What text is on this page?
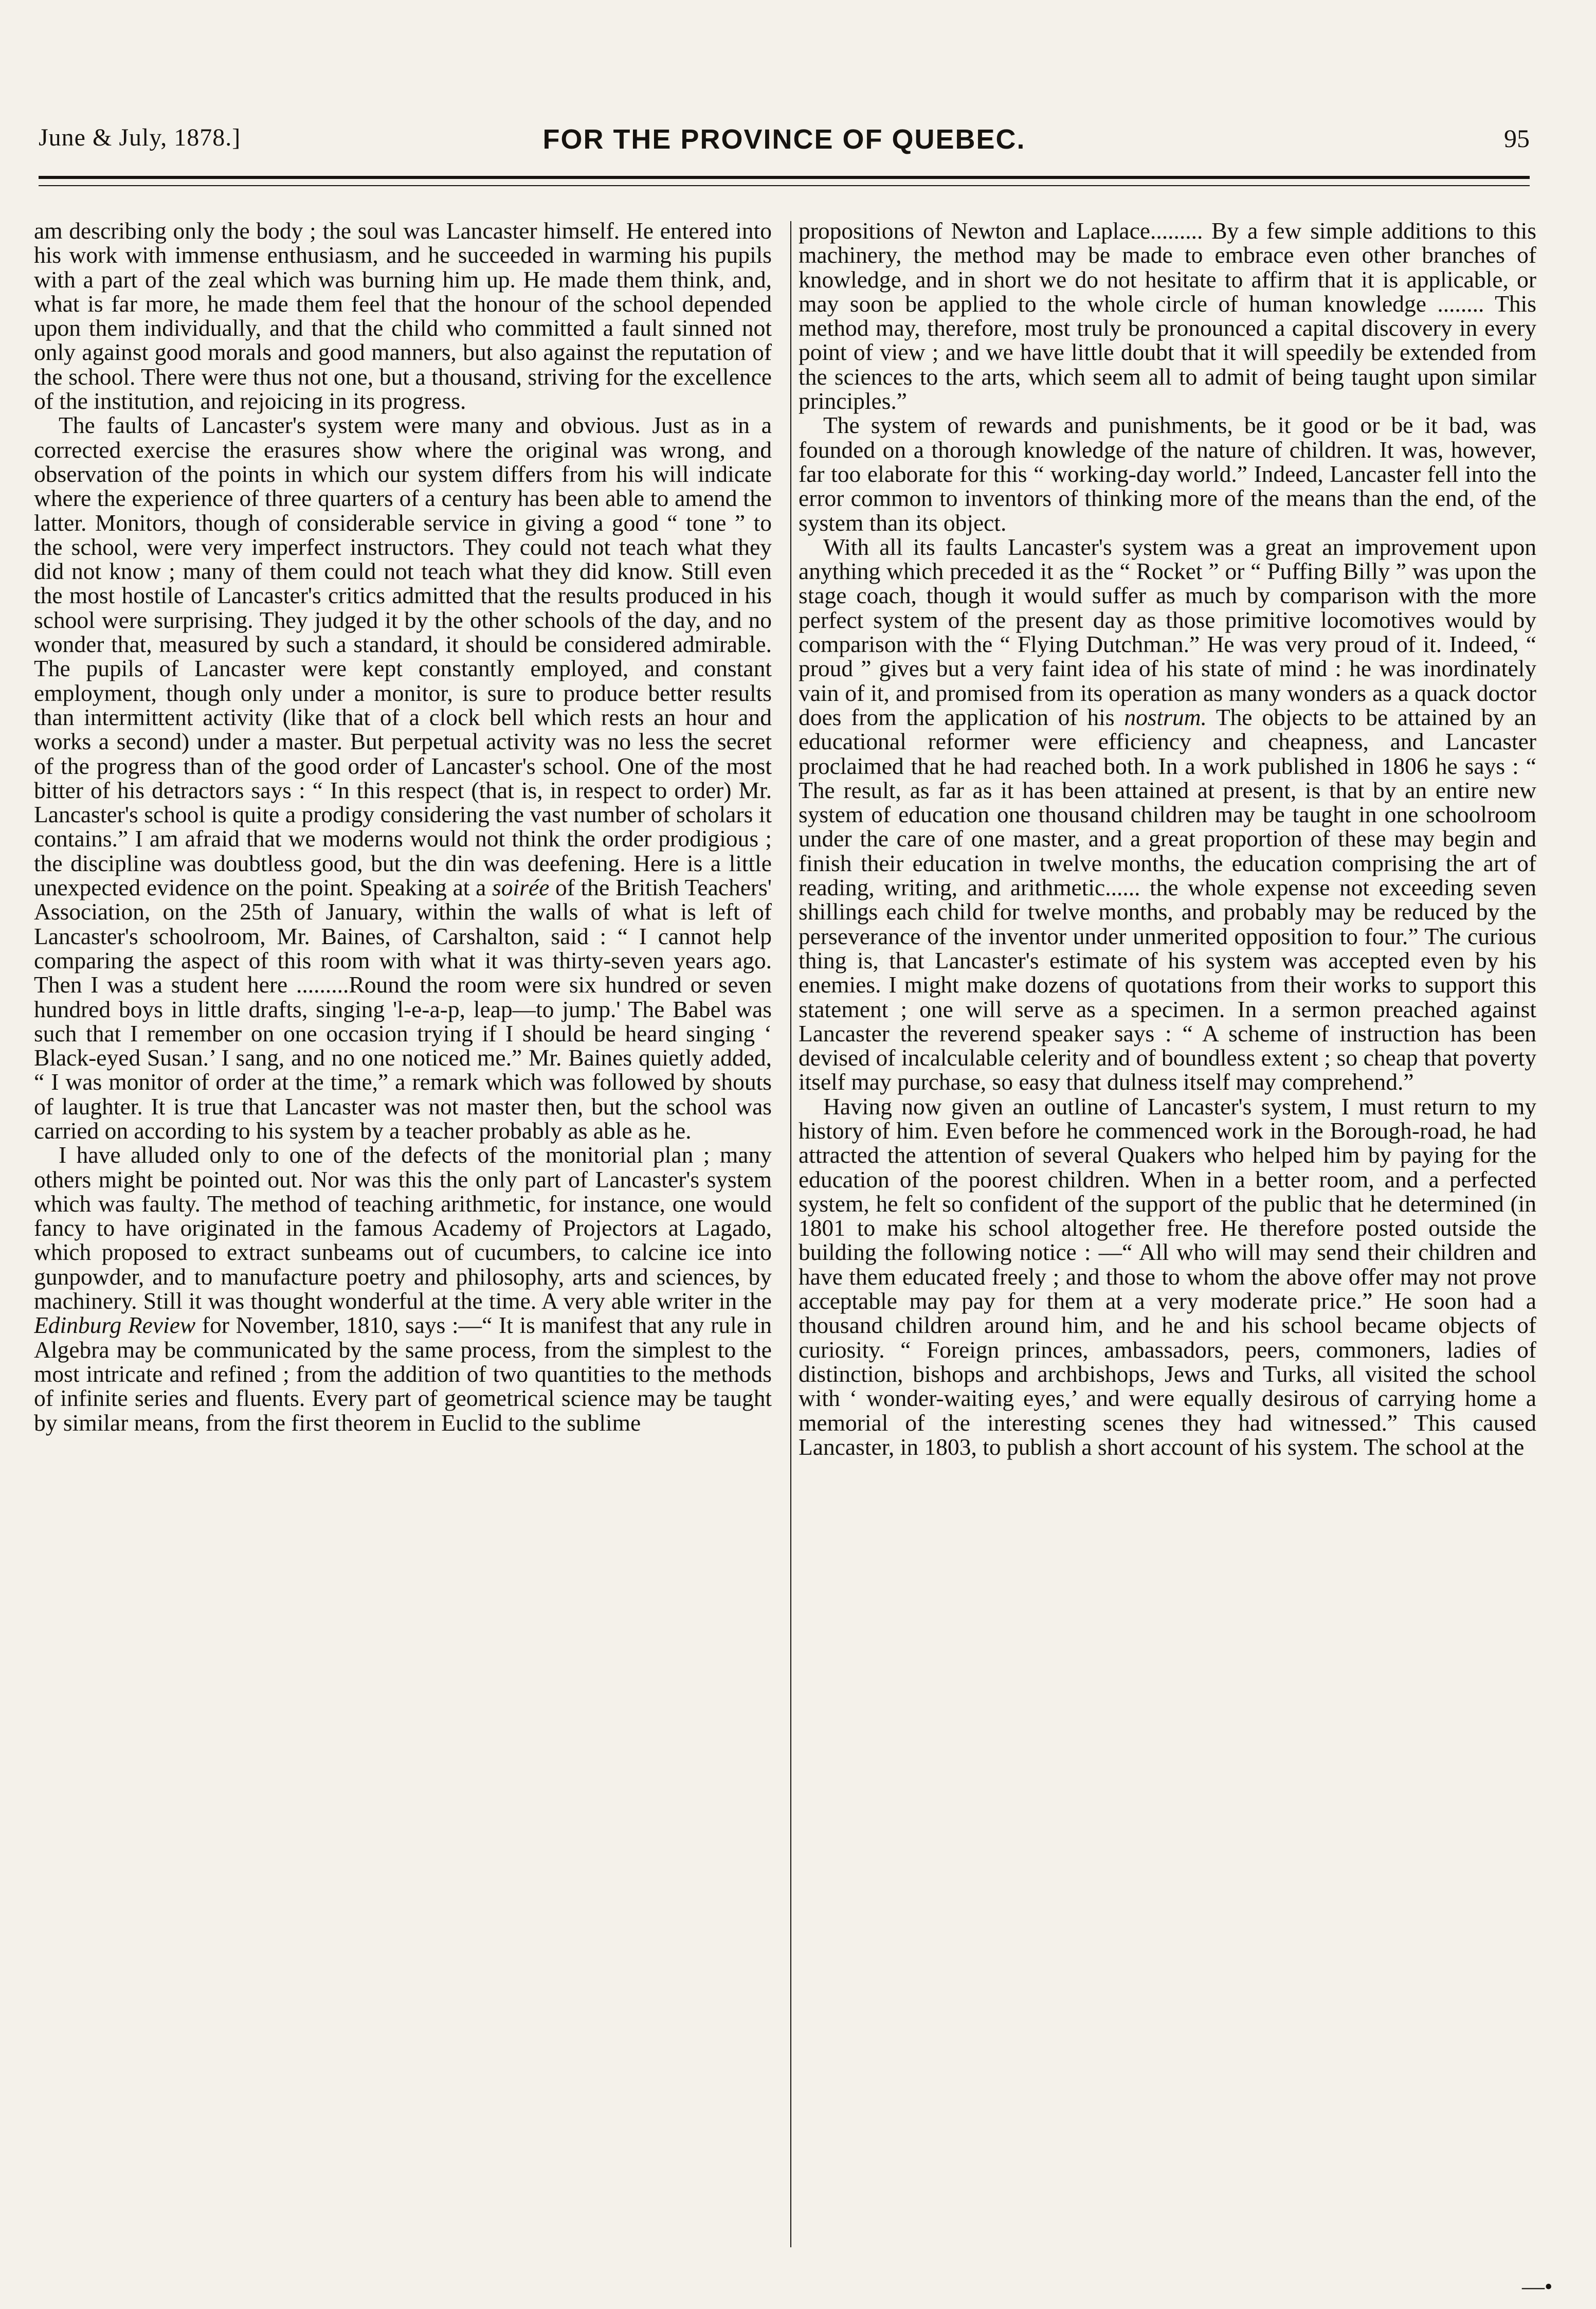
June & July, 1878.]	FOR THE PROVINCE OF QUEBEC.	95

am describing only the body ; the soul was Lancaster himself. He entered into his work with immense enthusiasm, and he succeeded in warming his pupils with a part of the zeal which was burning him up. He made them think, and, what is far more, he made them feel that the honour of the school depended upon them individually, and that the child who committed a fault sinned not only against good morals and good manners, but also against the reputation of the school. There were thus not one, but a thousand, striving for the excellence of the institution, and rejoicing in its progress.

The faults of Lancaster's system were many and obvious. Just as in a corrected exercise the erasures show where the original was wrong, and observation of the points in which our system differs from his will indicate where the experience of three quarters of a century has been able to amend the latter. Monitors, though of considerable service in giving a good “ tone ” to the school, were very imperfect instructors. They could not teach what they did not know ; many of them could not teach what they did know. Still even the most hostile of Lancaster's critics admitted that the results produced in his school were surprising. They judged it by the other schools of the day, and no wonder that, measured by such a standard, it should be considered admirable. The pupils of Lancaster were kept constantly employed, and constant employment, though only under a monitor, is sure to produce better results than intermittent activity (like that of a clock bell which rests an hour and works a second) under a master. But perpetual activity was no less the secret of the progress than of the good order of Lancaster's school. One of the most bitter of his detractors says : “ In this respect (that is, in respect to order) Mr. Lancaster's school is quite a prodigy considering the vast number of scholars it contains.” I am afraid that we moderns would not think the order prodigious ; the discipline was doubtless good, but the din was deefening. Here is a little unexpected evidence on the point. Speaking at a soirée of the British Teachers' Association, on the 25th of January, within the walls of what is left of Lancaster's schoolroom, Mr. Baines, of Carshalton, said : “ I cannot help comparing the aspect of this room with what it was thirty-seven years ago. Then I was a student here .........Round the room were six hundred or seven hundred boys in little drafts, singing 'l-e-a-p, leap—to jump.' The Babel was such that I remember on one occasion trying if I should be heard singing ‘ Black-eyed Susan.’ I sang, and no one noticed me.” Mr. Baines quietly added, “ I was monitor of order at the time,” a remark which was followed by shouts of laughter. It is true that Lancaster was not master then, but the school was carried on according to his system by a teacher probably as able as he.

I have alluded only to one of the defects of the monitorial plan ; many others might be pointed out. Nor was this the only part of Lancaster's system which was faulty. The method of teaching arithmetic, for instance, one would fancy to have originated in the famous Academy of Projectors at Lagado, which proposed to extract sunbeams out of cucumbers, to calcine ice into gunpowder, and to manufacture poetry and philosophy, arts and sciences, by machinery. Still it was thought wonderful at the time. A very able writer in the Edinburg Review for November, 1810, says :—“ It is manifest that any rule in Algebra may be communicated by the same process, from the simplest to the most intricate and refined ; from the addition of two quantities to the methods of infinite series and fluents. Every part of geometrical science may be taught by similar means, from the first theorem in Euclid to the sublime

propositions of Newton and Laplace......... By a few simple additions to this machinery, the method may be made to embrace even other branches of knowledge, and in short we do not hesitate to affirm that it is applicable, or may soon be applied to the whole circle of human knowledge ........ This method may, therefore, most truly be pronounced a capital discovery in every point of view ; and we have little doubt that it will speedily be extended from the sciences to the arts, which seem all to admit of being taught upon similar principles.”

The system of rewards and punishments, be it good or be it bad, was founded on a thorough knowledge of the nature of children. It was, however, far too elaborate for this “ working-day world.” Indeed, Lancaster fell into the error common to inventors of thinking more of the means than the end, of the system than its object.

With all its faults Lancaster's system was a great an improvement upon anything which preceded it as the “ Rocket ” or “ Puffing Billy ” was upon the stage coach, though it would suffer as much by comparison with the more perfect system of the present day as those primitive locomotives would by comparison with the “ Flying Dutchman.” He was very proud of it. Indeed, “ proud ” gives but a very faint idea of his state of mind : he was inordinately vain of it, and promised from its operation as many wonders as a quack doctor does from the application of his nostrum. The objects to be attained by an educational reformer were efficiency and cheapness, and Lancaster proclaimed that he had reached both. In a work published in 1806 he says : “ The result, as far as it has been attained at present, is that by an entire new system of education one thousand children may be taught in one schoolroom under the care of one master, and a great proportion of these may begin and finish their education in twelve months, the education comprising the art of reading, writing, and arithmetic...... the whole expense not exceeding seven shillings each child for twelve months, and probably may be reduced by the perseverance of the inventor under unmerited opposition to four.” The curious thing is, that Lancaster's estimate of his system was accepted even by his enemies. I might make dozens of quotations from their works to support this statement ; one will serve as a specimen. In a sermon preached against Lancaster the reverend speaker says : “ A scheme of instruction has been devised of incalculable celerity and of boundless extent ; so cheap that poverty itself may purchase, so easy that dulness itself may comprehend.”

Having now given an outline of Lancaster's system, I must return to my history of him. Even before he commenced work in the Borough-road, he had attracted the attention of several Quakers who helped him by paying for the education of the poorest children. When in a better room, and a perfected system, he felt so confident of the support of the public that he determined (in 1801 to make his school altogether free. He therefore posted outside the building the following notice : —“ All who will may send their children and have them educated freely ; and those to whom the above offer may not prove acceptable may pay for them at a very moderate price.” He soon had a thousand children around him, and he and his school became objects of curiosity. “ Foreign princes, ambassadors, peers, commoners, ladies of distinction, bishops and archbishops, Jews and Turks, all visited the school with ‘ wonder-waiting eyes,’ and were equally desirous of carrying home a memorial of the interesting scenes they had witnessed.” This caused Lancaster, in 1803, to publish a short account of his system. The school at the

—•
